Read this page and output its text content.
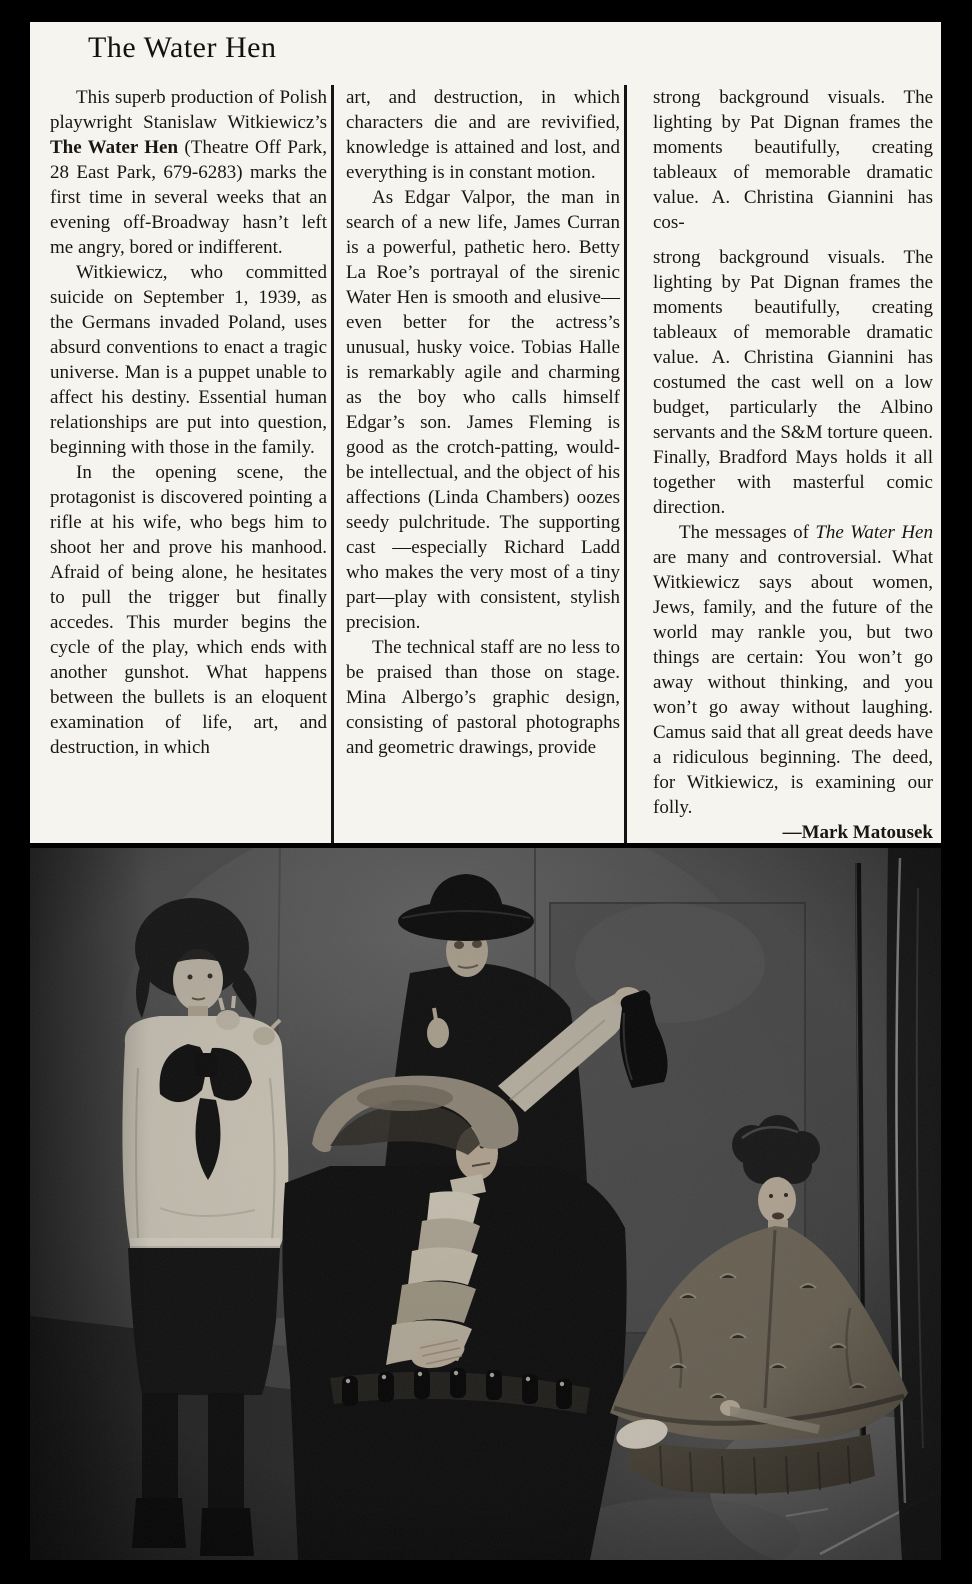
The Water Hen

This superb production of Polish playwright Stanislaw Witkiewicz’s The Water Hen (Theatre Off Park, 28 East Park, 679-6283) marks the first time in several weeks that an evening off-Broadway hasn’t left me angry, bored or indifferent.

Witkiewicz, who committed suicide on September 1, 1939, as the Germans invaded Poland, uses absurd conventions to enact a tragic universe. Man is a puppet unable to affect his destiny. Essential human relationships are put into question, beginning with those in the family.

In the opening scene, the protagonist is discovered pointing a rifle at his wife, who begs him to shoot her and prove his manhood. Afraid of being alone, he hesitates to pull the trigger but finally accedes. This murder begins the cycle of the play, which ends with another gunshot. What happens between the bullets is an eloquent examination of life, art, and destruction, in which

art, and destruction, in which characters die and are revivified, knowledge is attained and lost, and everything is in constant motion.

As Edgar Valpor, the man in search of a new life, James Curran is a powerful, pathetic hero. Betty La Roe’s portrayal of the sirenic Water Hen is smooth and elusive—even better for the actress’s unusual, husky voice. Tobias Halle is remarkably agile and charming as the boy who calls himself Edgar’s son. James Fleming is good as the crotch-patting, would-be intellectual, and the object of his affections (Linda Chambers) oozes seedy pulchritude. The supporting cast —especially Richard Ladd who makes the very most of a tiny part—play with consistent, stylish precision.

The technical staff are no less to be praised than those on stage. Mina Albergo’s graphic design, consisting of pastoral photographs and geometric drawings, provide

strong background visuals. The lighting by Pat Dignan frames the moments beautifully, creating tableaux of memorable dramatic value. A. Christina Giannini has cos-

strong background visuals. The lighting by Pat Dignan frames the moments beautifully, creating tableaux of memorable dramatic value. A. Christina Giannini has costumed the cast well on a low budget, particularly the Albino servants and the S&M torture queen. Finally, Bradford Mays holds it all together with masterful comic direction.

The messages of The Water Hen are many and controversial. What Witkiewicz says about women, Jews, family, and the future of the world may rankle you, but two things are certain: You won’t go away without thinking, and you won’t go away without laughing. Camus said that all great deeds have a ridiculous beginning. The deed, for Witkiewicz, is examining our folly.

—Mark Matousek
